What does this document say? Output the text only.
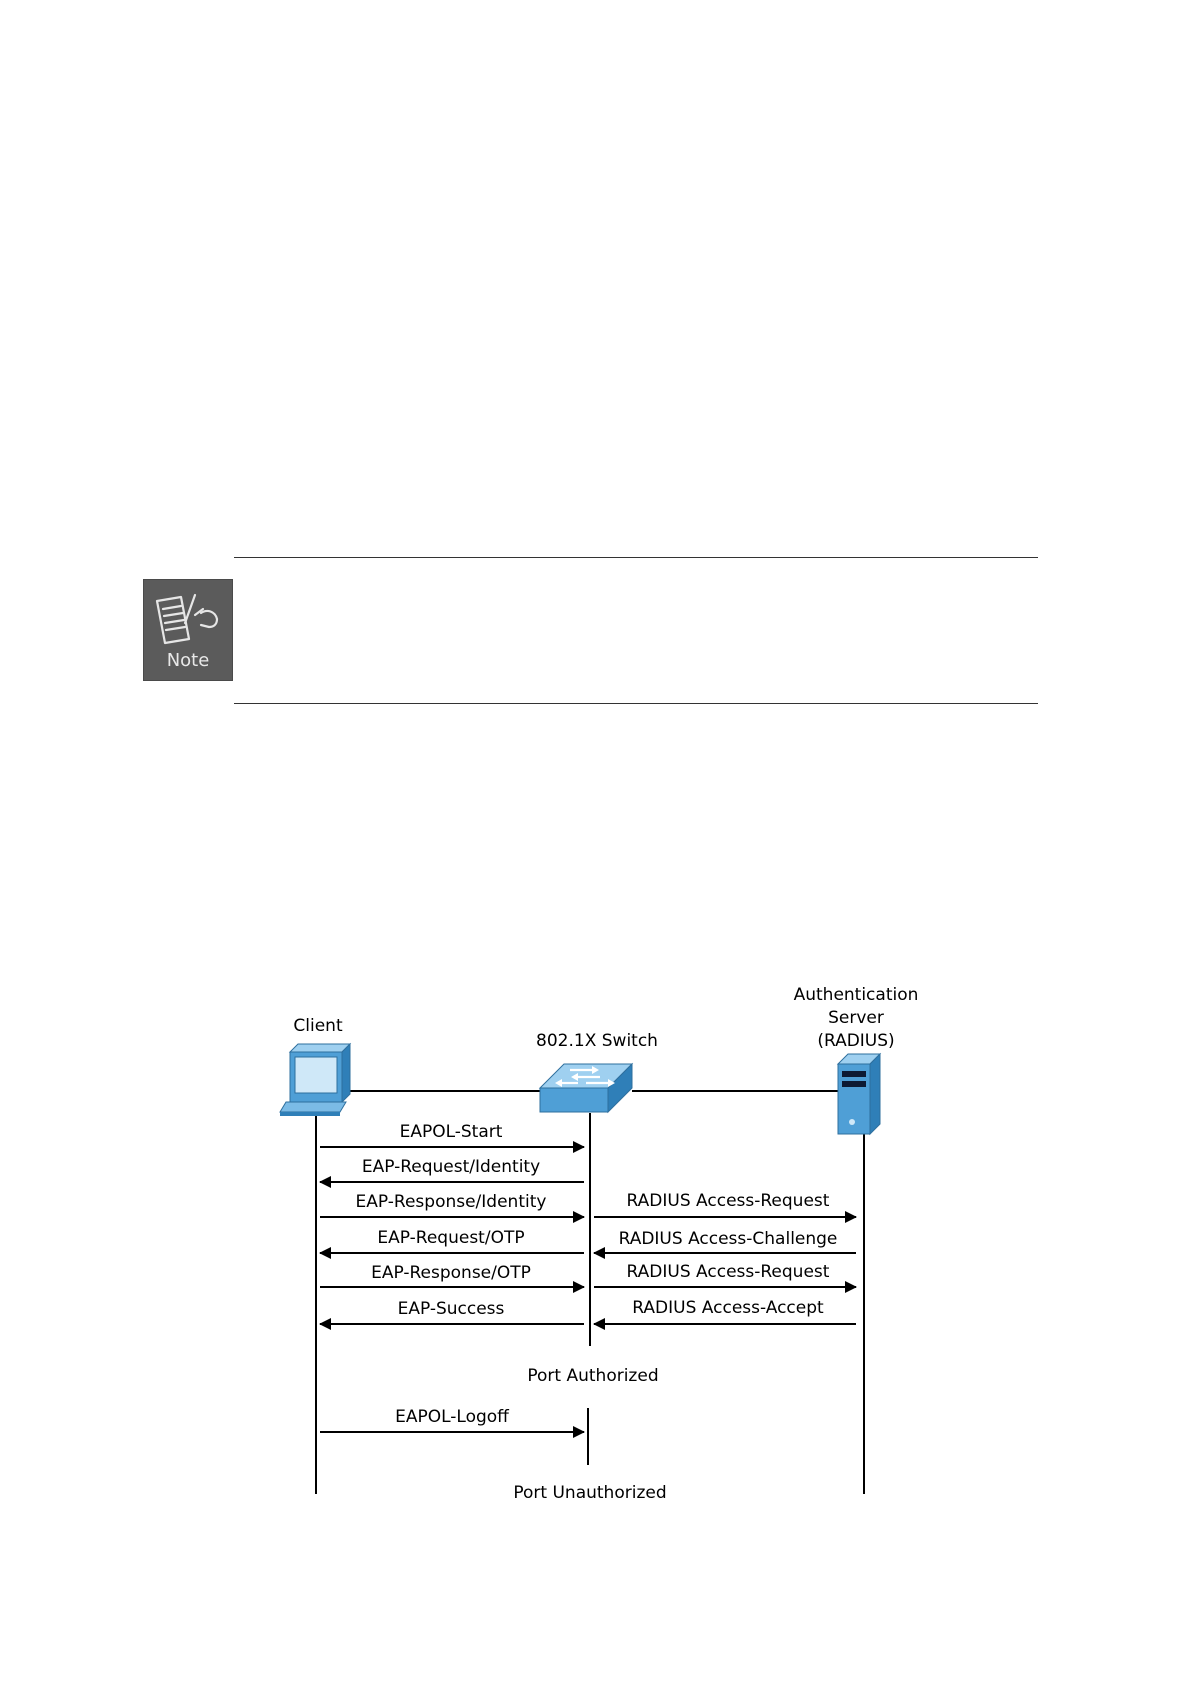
Note
Client
802.1X Switch
Authentication
Server
(RADIUS)
EAPOL-Start
EAP-Request/Identity
EAP-Response/Identity	RADIUS Access-Request
EAP-Request/OTP	RADIUS Access-Challenge
EAP-Response/OTP	RADIUS Access-Request
EAP-Success	RADIUS Access-Accept
EAPOL-Logoff
Port Authorized
Port Unauthorized
